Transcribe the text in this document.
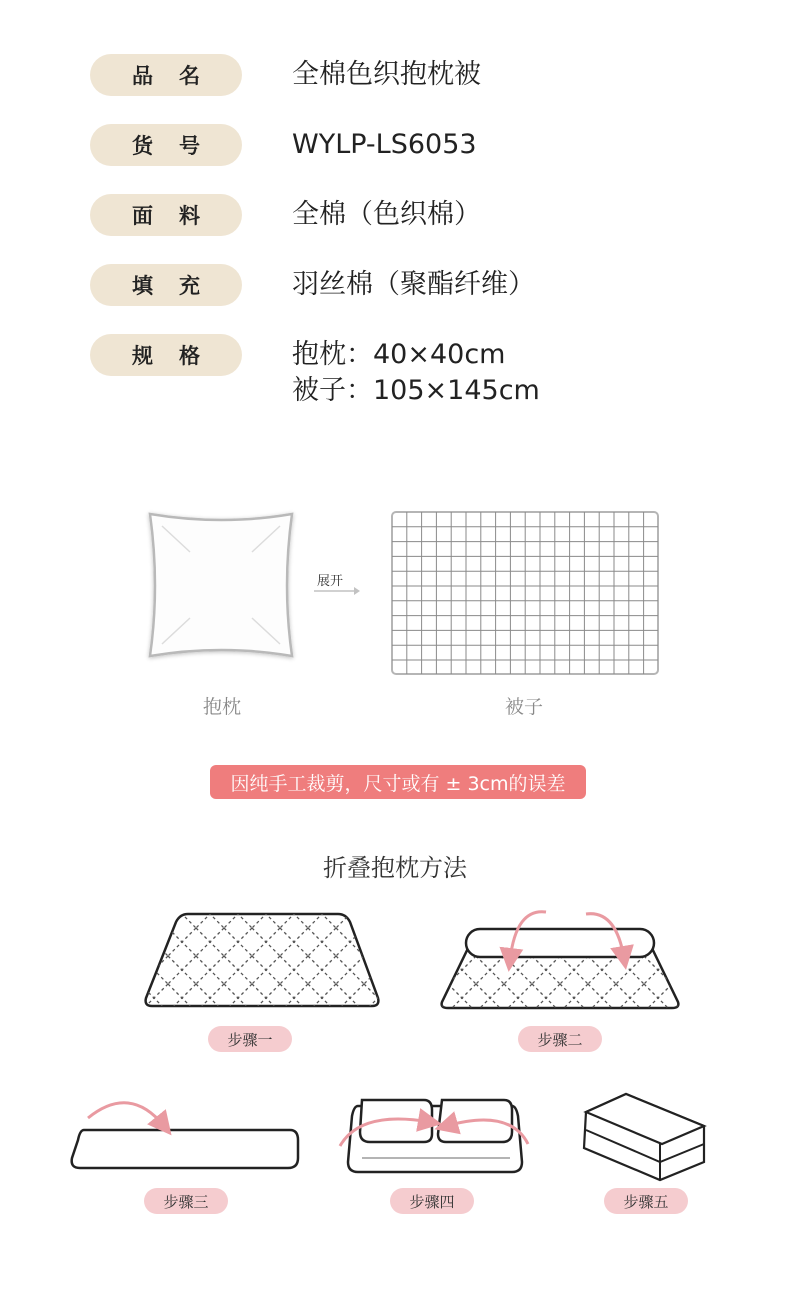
品名	全棉色织抱枕被
货号	WYLP-LS6053
面料	全棉（色织棉）
填充	羽丝棉（聚酯纤维）
规格	抱枕：40×40cm
被子：105×145cm
展开
抱枕	被子
因纯手工裁剪，尺寸或有 ± 3cm的误差
折叠抱枕方法
步骤一	步骤二
步骤三	步骤四	步骤五
